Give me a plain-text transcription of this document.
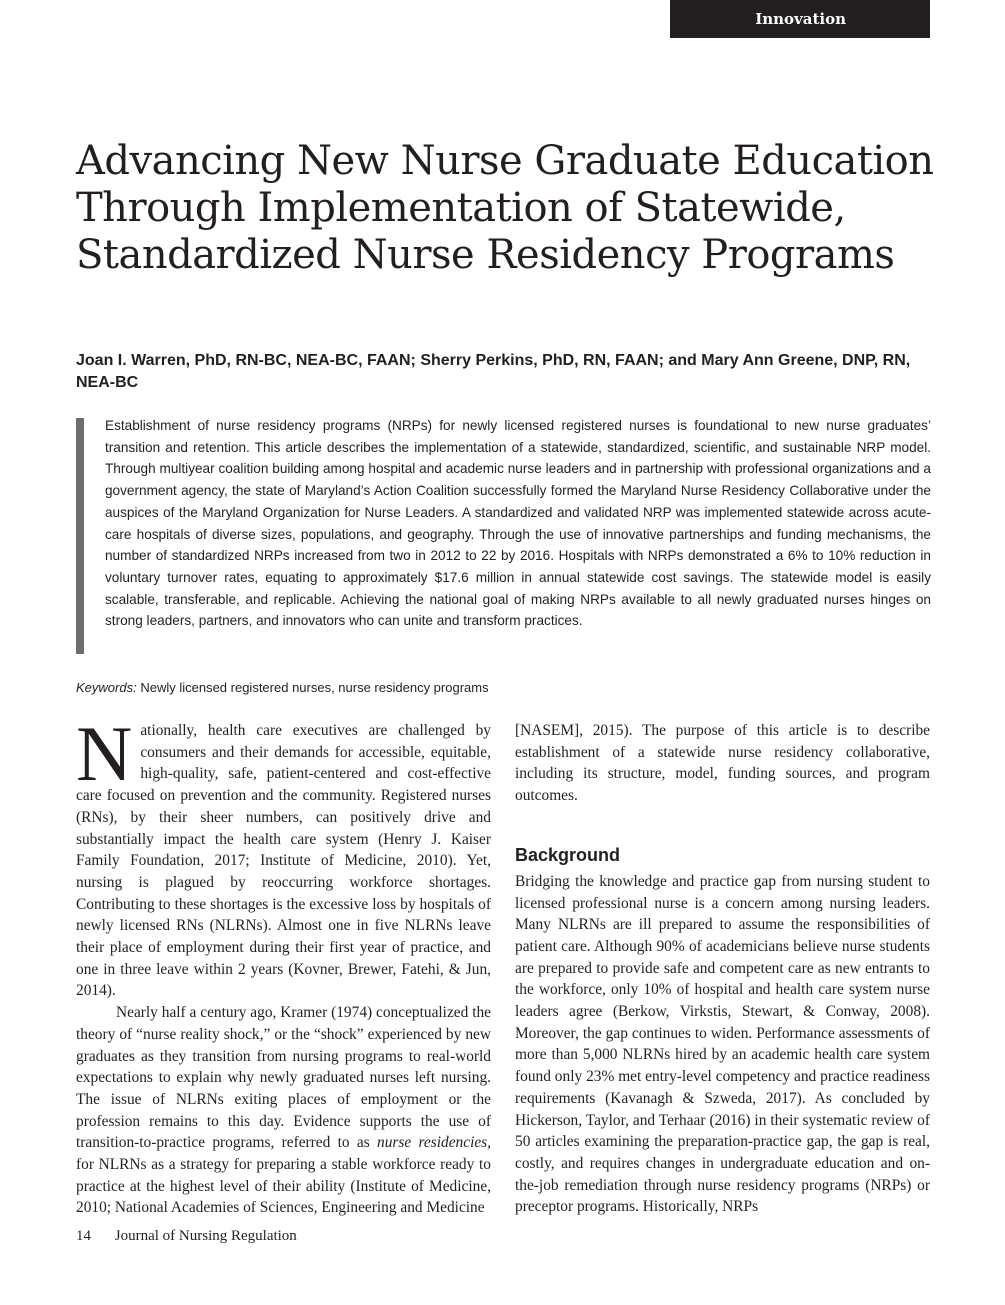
Innovation
Advancing New Nurse Graduate Education Through Implementation of Statewide, Standardized Nurse Residency Programs
Joan I. Warren, PhD, RN-BC, NEA-BC, FAAN; Sherry Perkins, PhD, RN, FAAN; and Mary Ann Greene, DNP, RN, NEA-BC

Establishment of nurse residency programs (NRPs) for newly licensed registered nurses is foundational to new nurse graduates’ transition and retention. This article describes the implementation of a statewide, standardized, scientific, and sustainable NRP model. Through multiyear coalition building among hospital and academic nurse leaders and in partnership with professional organizations and a government agency, the state of Maryland’s Action Coalition successfully formed the Maryland Nurse Residency Collaborative under the auspices of the Maryland Organization for Nurse Leaders. A standardized and validated NRP was implemented statewide across acute-care hospitals of diverse sizes, populations, and geography. Through the use of innovative partnerships and funding mechanisms, the number of standardized NRPs increased from two in 2012 to 22 by 2016. Hospitals with NRPs demonstrated a 6% to 10% reduction in voluntary turnover rates, equating to approximately $17.6 million in annual statewide cost savings. The statewide model is easily scalable, transferable, and replicable. Achieving the national goal of making NRPs available to all newly graduated nurses hinges on strong leaders, partners, and innovators who can unite and transform practices.

Keywords: Newly licensed registered nurses, nurse residency programs

Nationally, health care executives are challenged by consumers and their demands for accessible, equitable, high-quality, safe, patient-centered and cost-effective care focused on prevention and the community. Registered nurses (RNs), by their sheer numbers, can positively drive and substantially impact the health care system (Henry J. Kaiser Family Foundation, 2017; Institute of Medicine, 2010). Yet, nursing is plagued by reoccurring workforce shortages. Contributing to these shortages is the excessive loss by hospitals of newly licensed RNs (NLRNs). Almost one in five NLRNs leave their place of employment during their first year of practice, and one in three leave within 2 years (Kovner, Brewer, Fatehi, & Jun, 2014).

Nearly half a century ago, Kramer (1974) conceptualized the theory of “nurse reality shock,” or the “shock” experienced by new graduates as they transition from nursing programs to real-world expectations to explain why newly graduated nurses left nursing. The issue of NLRNs exiting places of employment or the profession remains to this day. Evidence supports the use of transition-to-practice programs, referred to as nurse residencies, for NLRNs as a strategy for preparing a stable workforce ready to practice at the highest level of their ability (Institute of Medicine, 2010; National Academies of Sciences, Engineering and Medicine

[NASEM], 2015). The purpose of this article is to describe establishment of a statewide nurse residency collaborative, including its structure, model, funding sources, and program outcomes.

Background

Bridging the knowledge and practice gap from nursing student to licensed professional nurse is a concern among nursing leaders. Many NLRNs are ill prepared to assume the responsibilities of patient care. Although 90% of academicians believe nurse students are prepared to provide safe and competent care as new entrants to the workforce, only 10% of hospital and health care system nurse leaders agree (Berkow, Virkstis, Stewart, & Conway, 2008). Moreover, the gap continues to widen. Performance assessments of more than 5,000 NLRNs hired by an academic health care system found only 23% met entry-level competency and practice readiness requirements (Kavanagh & Szweda, 2017). As concluded by Hickerson, Taylor, and Terhaar (2016) in their systematic review of 50 articles examining the preparation-practice gap, the gap is real, costly, and requires changes in undergraduate education and on-the-job remediation through nurse residency programs (NRPs) or preceptor programs. Historically, NRPs

14 Journal of Nursing Regulation
